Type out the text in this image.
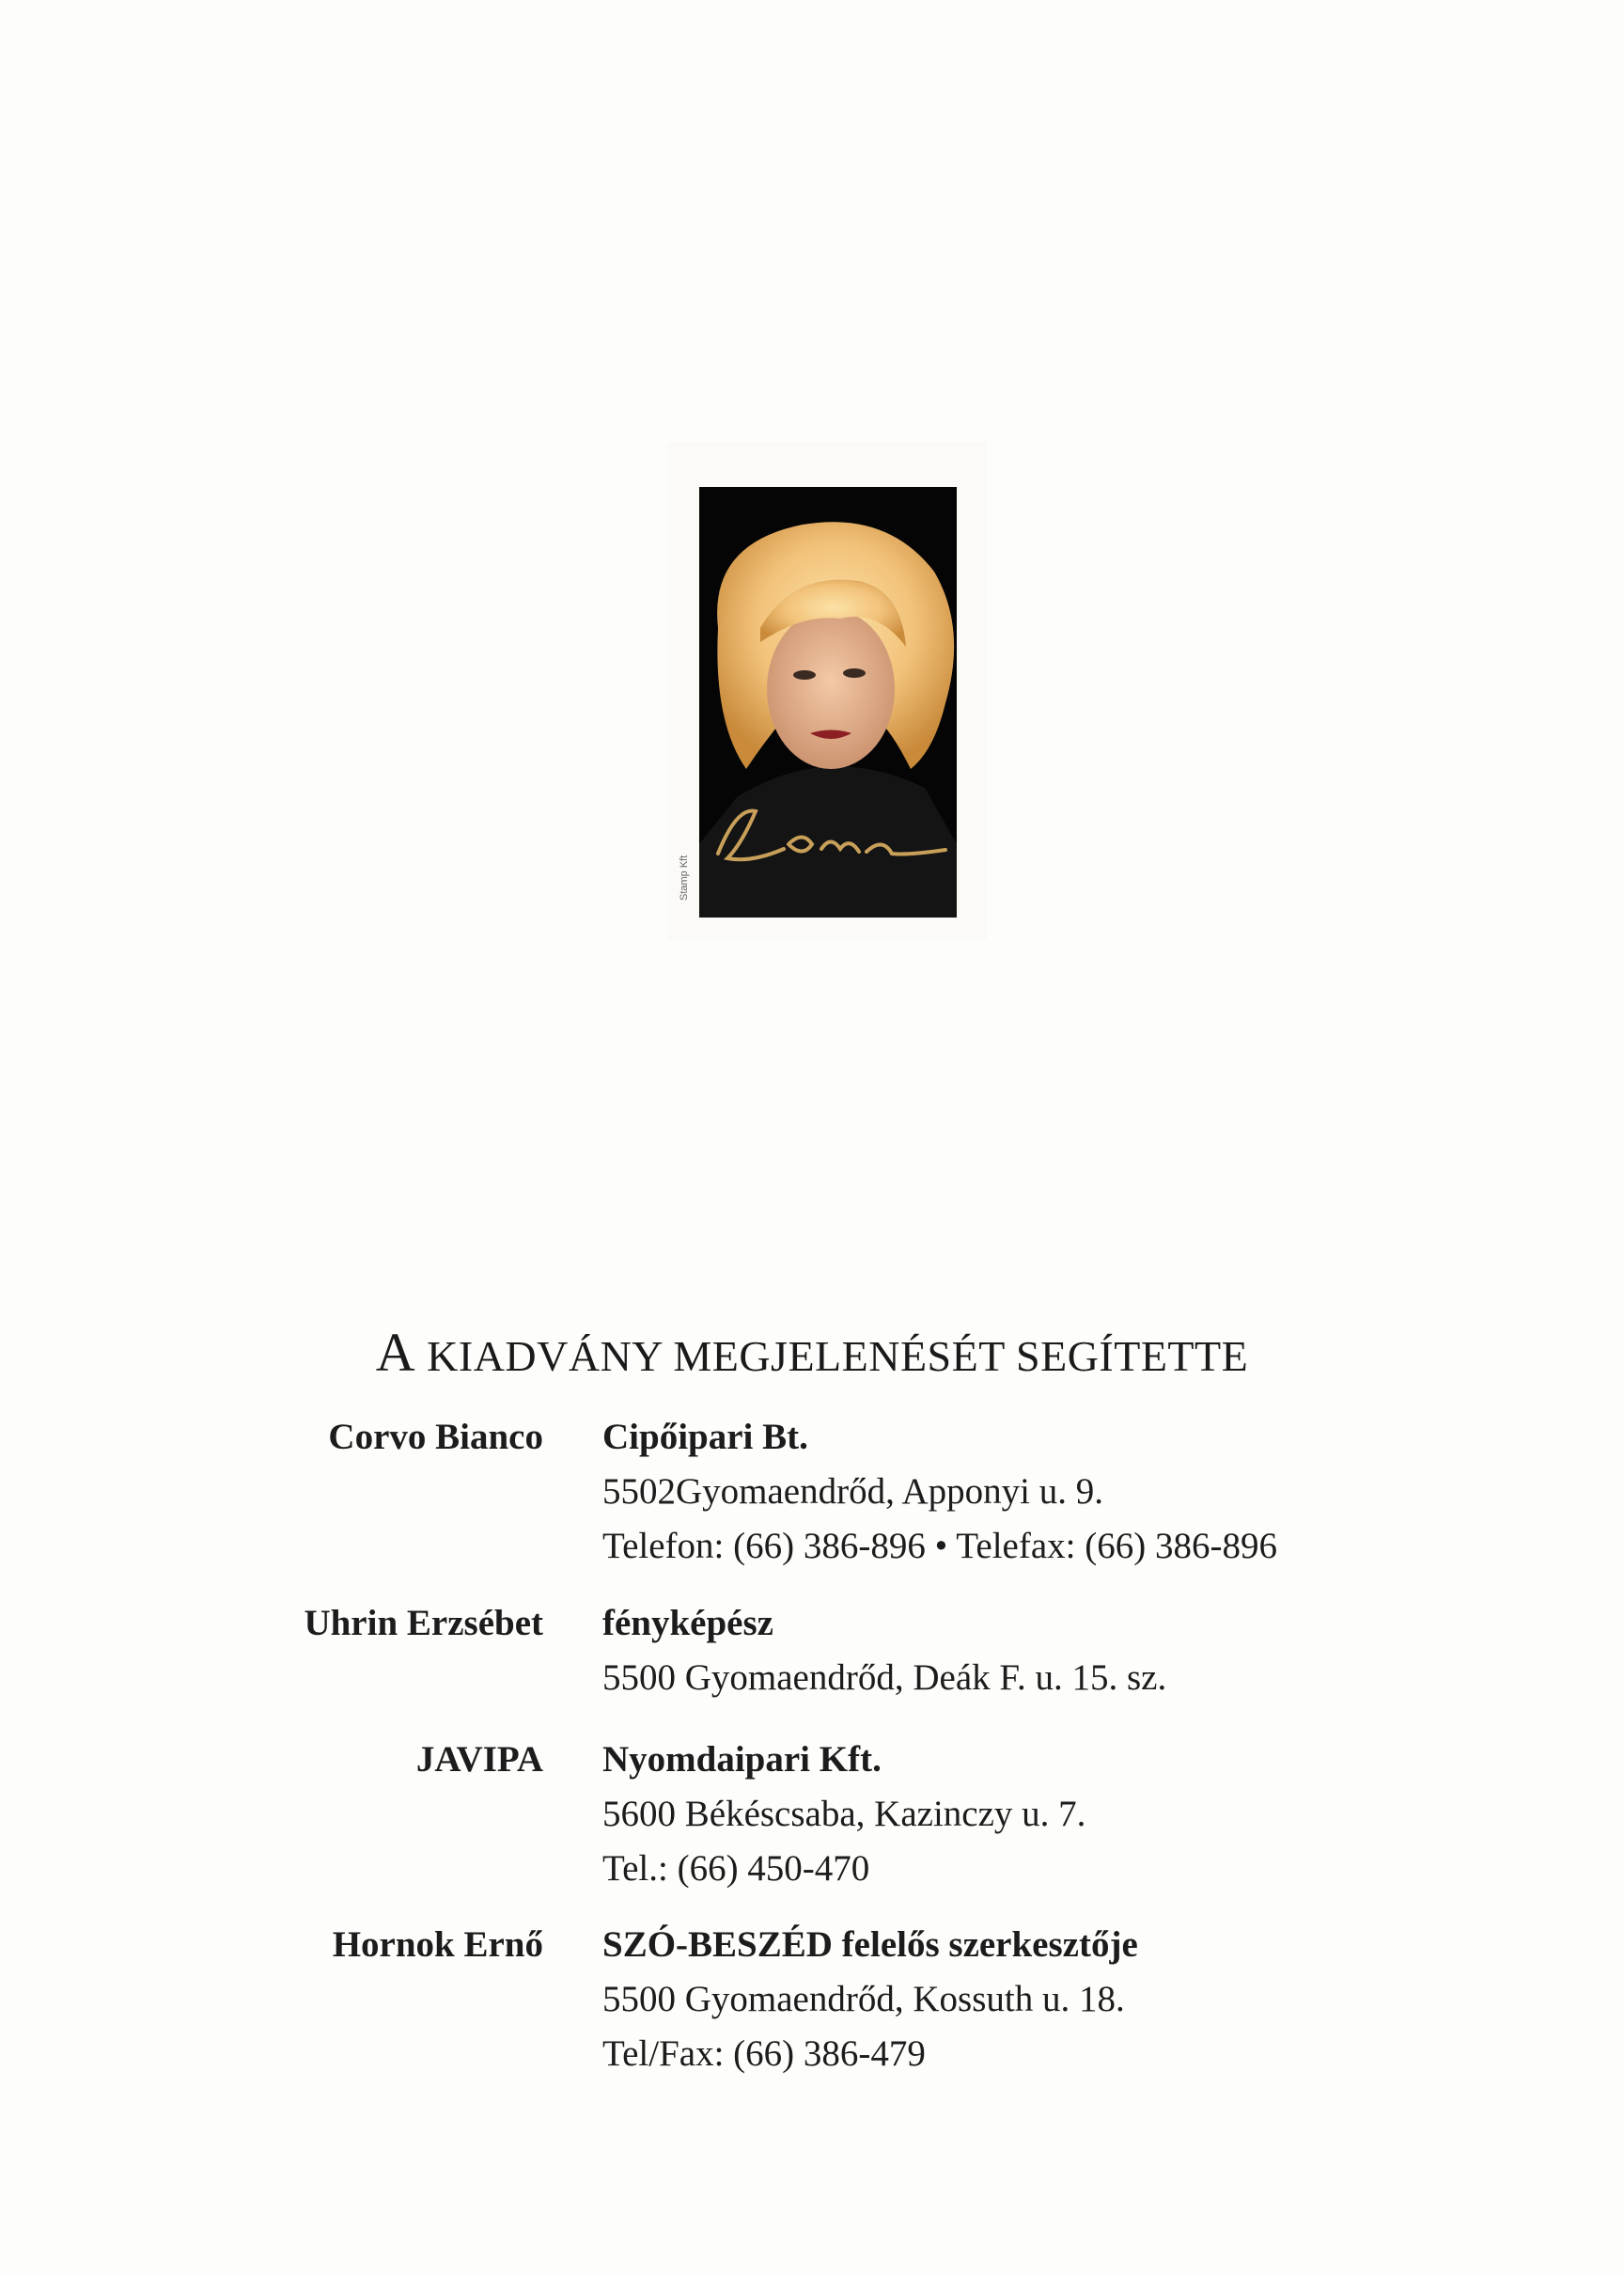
Stamp Kft
A KIADVÁNY MEGJELENÉSÉT SEGÍTETTE
Corvo Bianco Cipőipari Bt.
5502Gyomaendrőd, Apponyi u. 9.
Telefon: (66) 386-896 • Telefax: (66) 386-896
Uhrin Erzsébet fényképész
5500 Gyomaendrőd, Deák F. u. 15. sz.
JAVIPA Nyomdaipari Kft.
5600 Békéscsaba, Kazinczy u. 7.
Tel.: (66) 450-470
Hornok Ernő SZÓ-BESZÉD felelős szerkesztője
5500 Gyomaendrőd, Kossuth u. 18.
Tel/Fax: (66) 386-479
